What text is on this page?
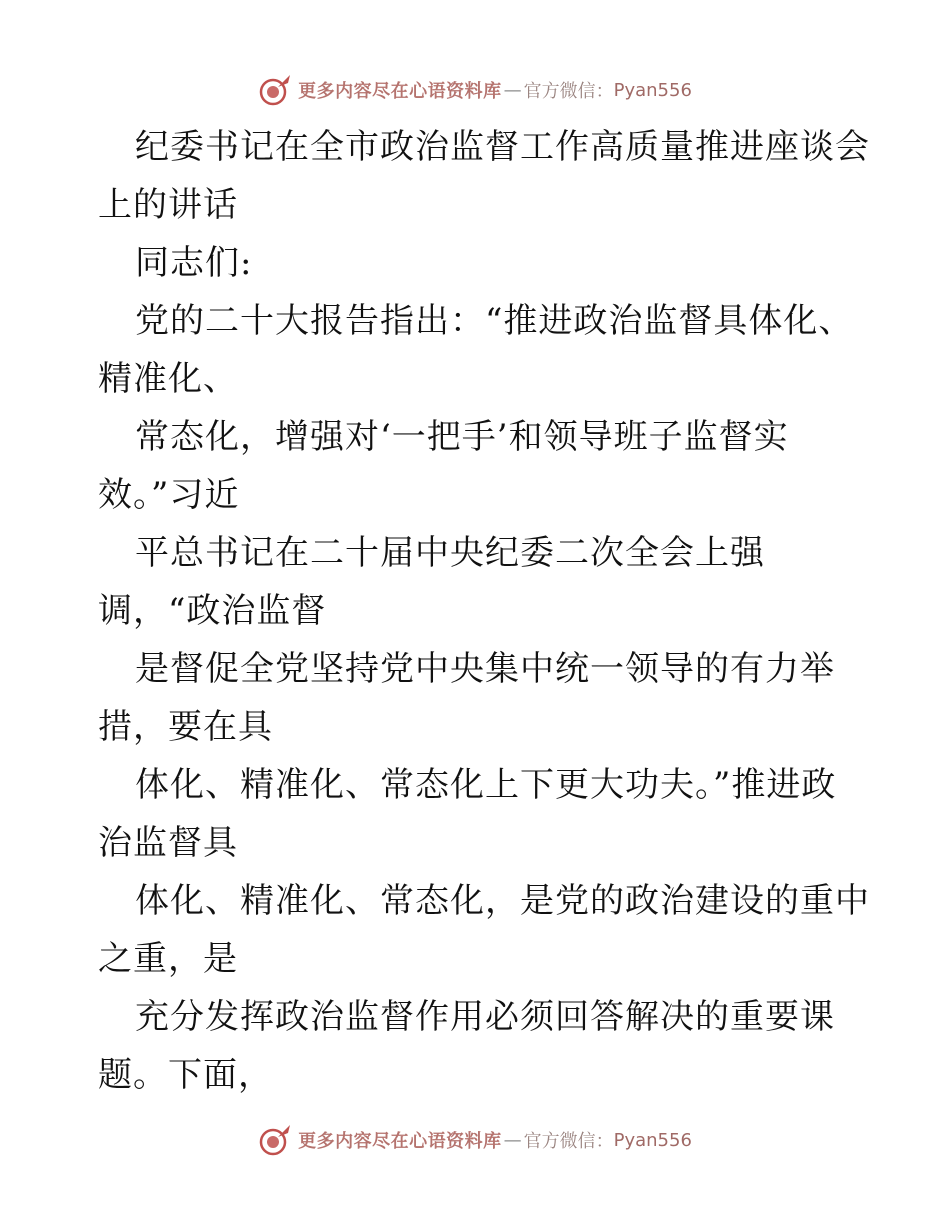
更多内容尽在心语资料库 — 官方微信： Pyan556
纪委书记在全市政治监督工作高质量推进座谈会
上的讲话
同志们:
党的二十大报告指出：“推进政治监督具体化、
精准化、
常态化，增强对‘一把手’和领导班子监督实
效。”习近
平总书记在二十届中央纪委二次全会上强
调，“政治监督
是督促全党坚持党中央集中统一领导的有力举
措，要在具
体化、精准化、常态化上下更大功夫。”推进政
治监督具
体化、精准化、常态化，是党的政治建设的重中
之重，是
充分发挥政治监督作用必须回答解决的重要课
题。下面，
更多内容尽在心语资料库 — 官方微信： Pyan556
